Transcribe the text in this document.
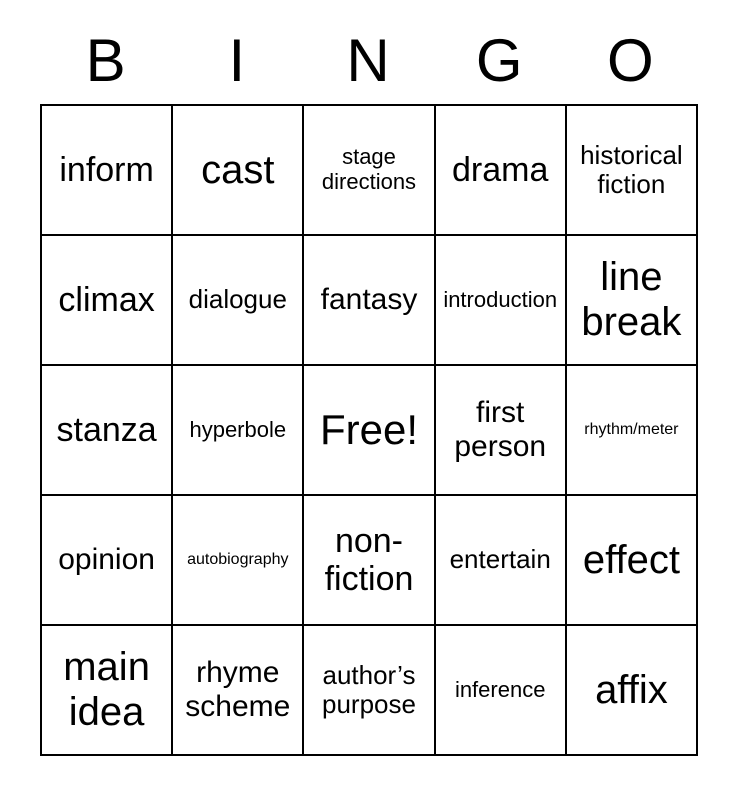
B I N G O
inform cast	stage directions	drama	historical fiction
climax dialogue fantasy introduction	line break
stanza hyperbole Free!	first person
rhythm/meter
opinion autobiography	non-fiction
entertain effect
main idea
rhyme scheme
author’s purpose	inference affix
